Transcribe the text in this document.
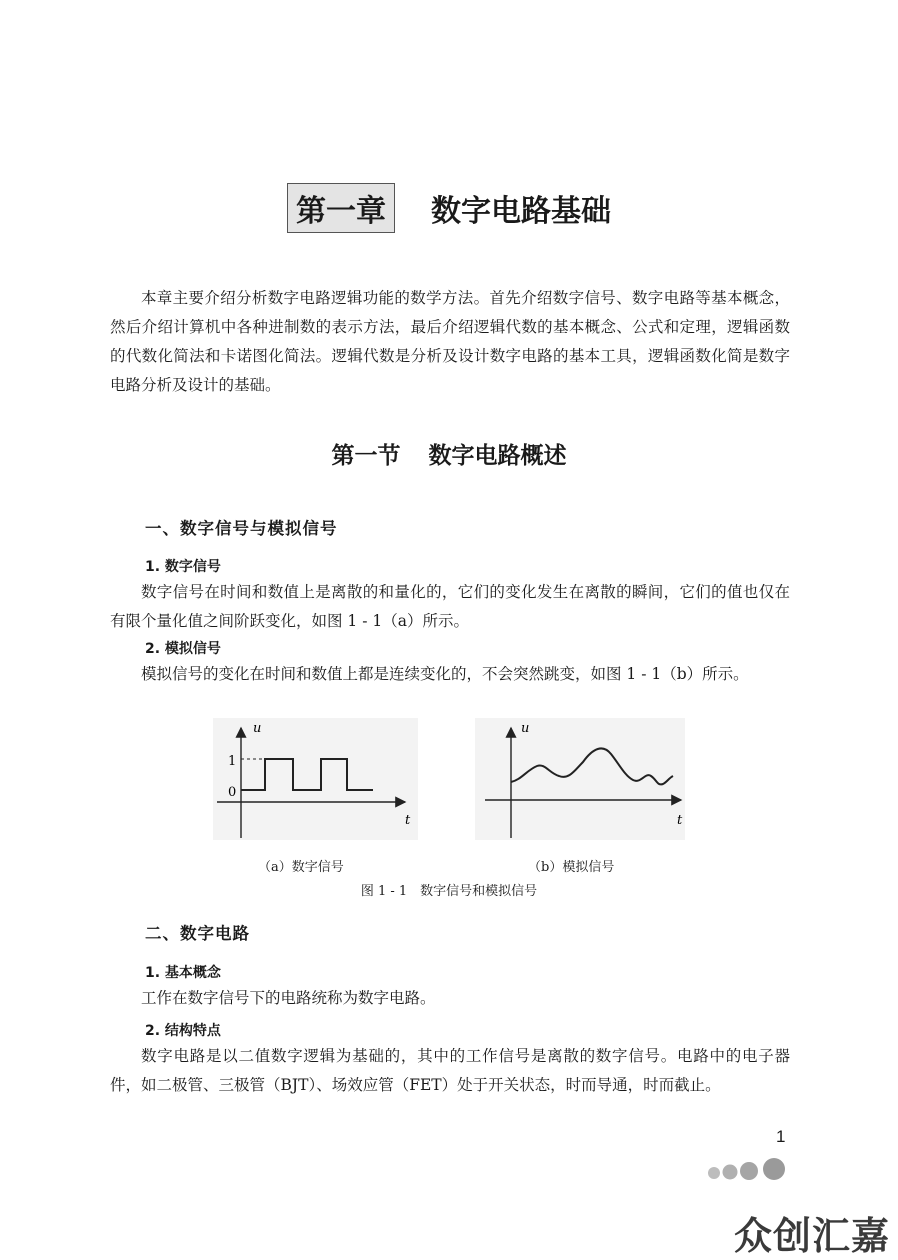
第一章 数字电路基础

本章主要介绍分析数字电路逻辑功能的数学方法。首先介绍数字信号、数字电路等基本概念，然后介绍计算机中各种进制数的表示方法，最后介绍逻辑代数的基本概念、公式和定理，逻辑函数的代数化简法和卡诺图化简法。逻辑代数是分析及设计数字电路的基本工具，逻辑函数化简是数字电路分析及设计的基础。

第一节 数字电路概述
一、数字信号与模拟信号
1. 数字信号

数字信号在时间和数值上是离散的和量化的，它们的变化发生在离散的瞬间，它们的值也仅在有限个量化值之间阶跃变化，如图 1 - 1（a）所示。

2. 模拟信号

模拟信号的变化在时间和数值上都是连续变化的，不会突然跳变，如图 1 - 1（b）所示。

u
t
1
0
u
t
（a）数字信号	（b）模拟信号
图 1 - 1　数字信号和模拟信号
二、数字电路
1. 基本概念

工作在数字信号下的电路统称为数字电路。

2. 结构特点

数字电路是以二值数字逻辑为基础的，其中的工作信号是离散的数字信号。电路中的电子器件，如二极管、三极管（BJT）、场效应管（FET）处于开关状态，时而导通，时而截止。

1
众创汇嘉
